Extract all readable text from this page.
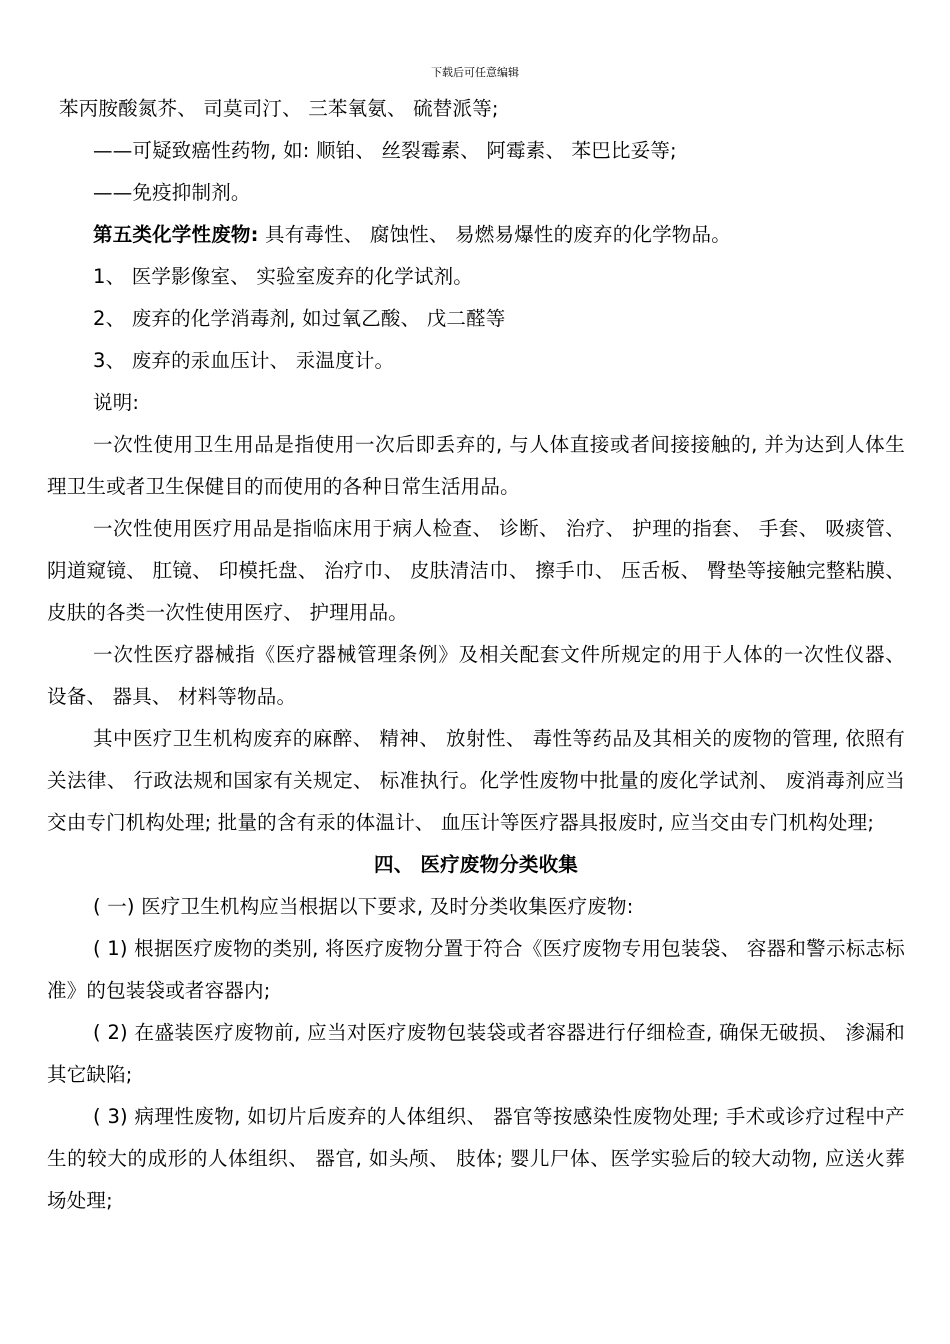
下载后可任意编辑

苯丙胺酸氮芥、 司莫司汀、 三苯氧氨、 硫替派等;

——可疑致癌性药物, 如: 顺铂、 丝裂霉素、 阿霉素、 苯巴比妥等;

——免疫抑制剂。

第五类化学性废物: 具有毒性、 腐蚀性、 易燃易爆性的废弃的化学物品。

1、 医学影像室、 实验室废弃的化学试剂。

2、 废弃的化学消毒剂, 如过氧乙酸、 戊二醛等

3、 废弃的汞血压计、 汞温度计。

说明:

一次性使用卫生用品是指使用一次后即丢弃的, 与人体直接或者间接接触的, 并为达到人体生理卫生或者卫生保健目的而使用的各种日常生活用品。

一次性使用医疗用品是指临床用于病人检查、 诊断、 治疗、 护理的指套、 手套、 吸痰管、 阴道窥镜、 肛镜、 印模托盘、 治疗巾、 皮肤清洁巾、 擦手巾、 压舌板、 臀垫等接触完整粘膜、 皮肤的各类一次性使用医疗、 护理用品。

一次性医疗器械指《医疗器械管理条例》及相关配套文件所规定的用于人体的一次性仪器、 设备、 器具、 材料等物品。

其中医疗卫生机构废弃的麻醉、 精神、 放射性、 毒性等药品及其相关的废物的管理, 依照有关法律、 行政法规和国家有关规定、 标准执行。化学性废物中批量的废化学试剂、 废消毒剂应当交由专门机构处理; 批量的含有汞的体温计、 血压计等医疗器具报废时, 应当交由专门机构处理;

四、 医疗废物分类收集

( 一) 医疗卫生机构应当根据以下要求, 及时分类收集医疗废物:

( 1) 根据医疗废物的类别, 将医疗废物分置于符合《医疗废物专用包装袋、 容器和警示标志标准》的包装袋或者容器内;

( 2) 在盛装医疗废物前, 应当对医疗废物包装袋或者容器进行仔细检查, 确保无破损、 渗漏和其它缺陷;

( 3) 病理性废物, 如切片后废弃的人体组织、 器官等按感染性废物处理; 手术或诊疗过程中产生的较大的成形的人体组织、 器官, 如头颅、 肢体; 婴儿尸体、医学实验后的较大动物, 应送火葬场处理;
